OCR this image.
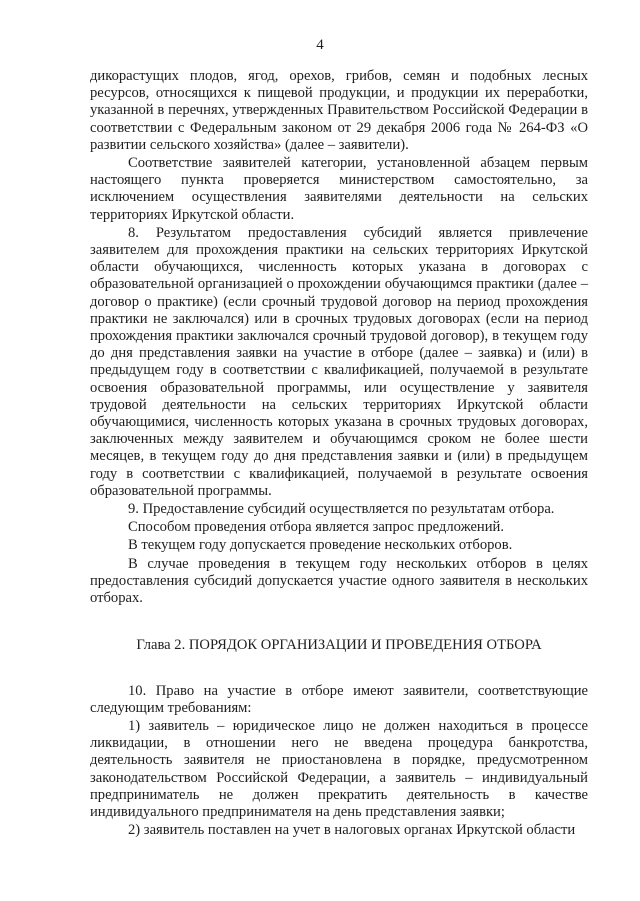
4

дикорастущих плодов, ягод, орехов, грибов, семян и подобных лесных ресурсов, относящихся к пищевой продукции, и продукции их переработки, указанной в перечнях, утвержденных Правительством Российской Федерации в соответствии с Федеральным законом от 29 декабря 2006 года № 264-ФЗ «О развитии сельского хозяйства» (далее – заявители).

Соответствие заявителей категории, установленной абзацем первым настоящего пункта проверяется министерством самостоятельно, за исключением осуществления заявителями деятельности на сельских территориях Иркутской области.

8. Результатом предоставления субсидий является привлечение заявителем для прохождения практики на сельских территориях Иркутской области обучающихся, численность которых указана в договорах с образовательной организацией о прохождении обучающимся практики (далее – договор о практике) (если срочный трудовой договор на период прохождения практики не заключался) или в срочных трудовых договорах (если на период прохождения практики заключался срочный трудовой договор), в текущем году до дня представления заявки на участие в отборе (далее – заявка) и (или) в предыдущем году в соответствии с квалификацией, получаемой в результате освоения образовательной программы, или осуществление у заявителя трудовой деятельности на сельских территориях Иркутской области обучающимися, численность которых указана в срочных трудовых договорах, заключенных между заявителем и обучающимся сроком не более шести месяцев, в текущем году до дня представления заявки и (или) в предыдущем году в соответствии с квалификацией, получаемой в результате освоения образовательной программы.

9. Предоставление субсидий осуществляется по результатам отбора.

Способом проведения отбора является запрос предложений.

В текущем году допускается проведение нескольких отборов.

В случае проведения в текущем году нескольких отборов в целях предоставления субсидий допускается участие одного заявителя в нескольких отборах.

Глава 2. ПОРЯДОК ОРГАНИЗАЦИИ И ПРОВЕДЕНИЯ ОТБОРА

10. Право на участие в отборе имеют заявители, соответствующие следующим требованиям:

1) заявитель – юридическое лицо не должен находиться в процессе ликвидации, в отношении него не введена процедура банкротства, деятельность заявителя не приостановлена в порядке, предусмотренном законодательством Российской Федерации, а заявитель – индивидуальный предприниматель не должен прекратить деятельность в качестве индивидуального предпринимателя на день представления заявки;

2) заявитель поставлен на учет в налоговых органах Иркутской области
